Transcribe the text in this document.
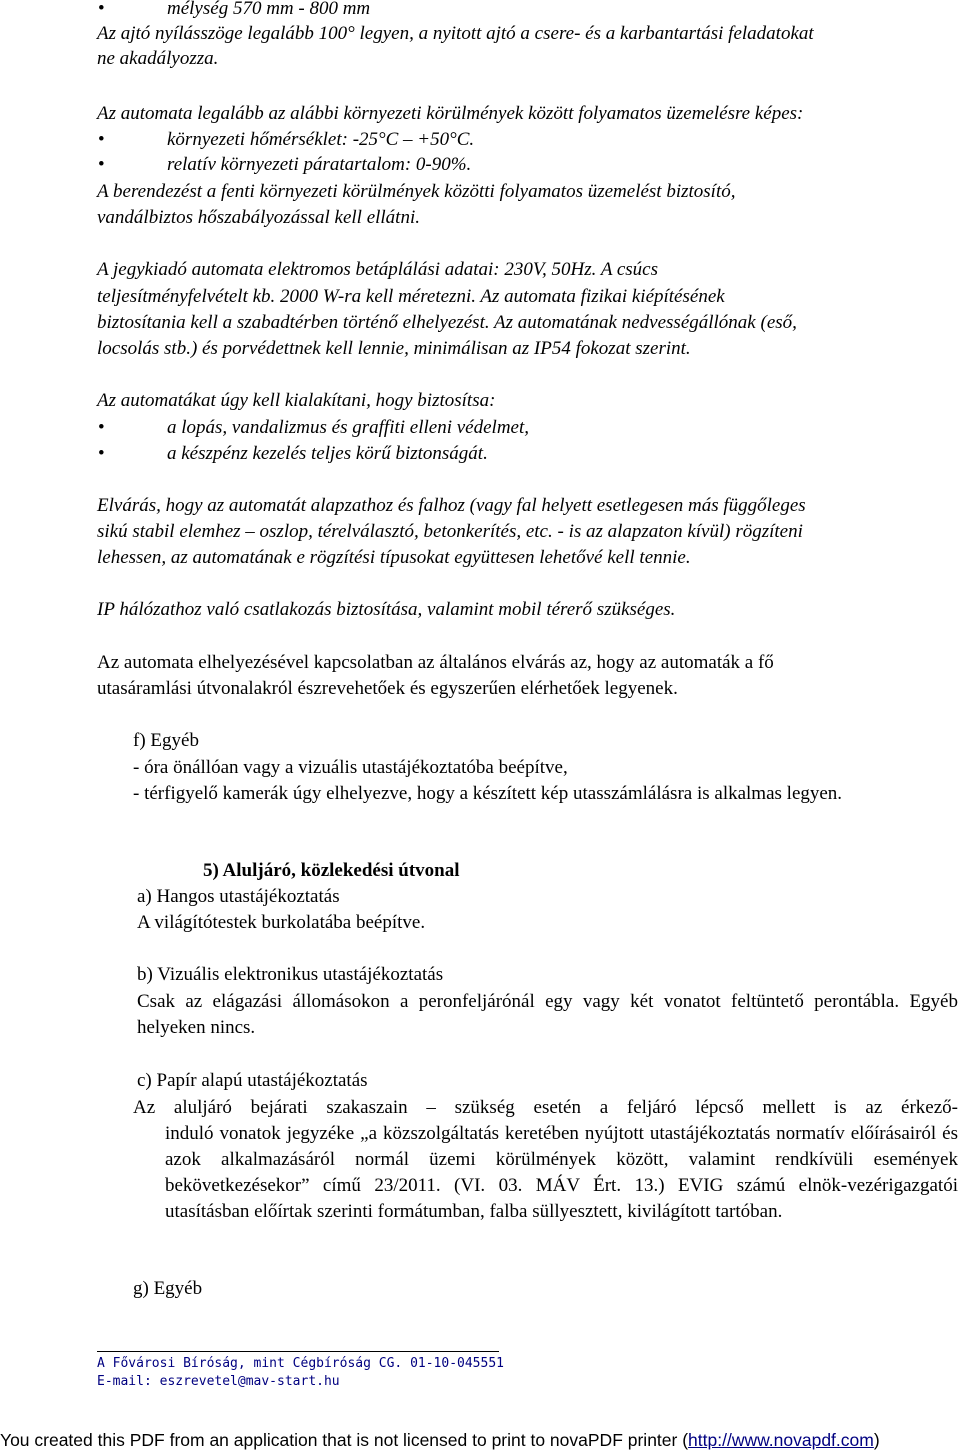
•	mélység 570 mm - 800 mm
Az ajtó nyílásszöge legalább 100° legyen, a nyitott ajtó a csere- és a karbantartási feladatokat
ne akadályozza.
Az automata legalább az alábbi környezeti körülmények között folyamatos üzemelésre képes:
•	környezeti hőmérséklet: -25°C – +50°C.
•	relatív környezeti páratartalom: 0-90%.
A berendezést a fenti környezeti körülmények közötti folyamatos üzemelést biztosító,
vandálbiztos hőszabályozással kell ellátni.
A jegykiadó automata elektromos betáplálási adatai: 230V, 50Hz. A csúcs
teljesítményfelvételt kb. 2000 W-ra kell méretezni. Az automata fizikai kiépítésének
biztosítania kell a szabadtérben történő elhelyezést. Az automatának nedvességállónak (eső,
locsolás stb.) és porvédettnek kell lennie, minimálisan az IP54 fokozat szerint.
Az automatákat úgy kell kialakítani, hogy biztosítsa:
•	a lopás, vandalizmus és graffiti elleni védelmet,
•	a készpénz kezelés teljes körű biztonságát.
Elvárás, hogy az automatát alapzathoz és falhoz (vagy fal helyett esetlegesen más függőleges
sikú stabil elemhez – oszlop, térelválasztó, betonkerítés, etc. - is az alapzaton kívül) rögzíteni
lehessen, az automatának e rögzítési típusokat együttesen lehetővé kell tennie.
IP hálózathoz való csatlakozás biztosítása, valamint mobil térerő szükséges.
Az automata elhelyezésével kapcsolatban az általános elvárás az, hogy az automaták a fő
utasáramlási útvonalakról észrevehetőek és egyszerűen elérhetőek legyenek.
f) Egyéb
- óra önállóan vagy a vizuális utastájékoztatóba beépítve,
- térfigyelő kamerák úgy elhelyezve, hogy a készített kép utasszámlálásra is alkalmas legyen.
5) Aluljáró, közlekedési útvonal
a) Hangos utastájékoztatás
A világítótestek burkolatába beépítve.
b) Vizuális elektronikus utastájékoztatás
Csak az elágazási állomásokon a peronfeljárónál egy vagy két vonatot feltüntető perontábla. Egyéb helyeken nincs.
c) Papír alapú utastájékoztatás
Az aluljáró bejárati szakaszain – szükség esetén a feljáró lépcső mellett is az érkező-
induló vonatok jegyzéke „a közszolgáltatás keretében nyújtott utastájékoztatás normatív előírásairól és azok alkalmazásáról normál üzemi körülmények között, valamint rendkívüli események bekövetkezésekor” című 23/2011. (VI. 03. MÁV Ért. 13.) EVIG számú elnök-vezérigazgatói utasításban előírtak szerinti formátumban, falba süllyesztett, kivilágított tartóban.
g) Egyéb
A Fővárosi Bíróság, mint Cégbíróság CG. 01-10-045551
E-mail: eszrevetel@mav-start.hu
You created this PDF from an application that is not licensed to print to novaPDF printer (http://www.novapdf.com)
